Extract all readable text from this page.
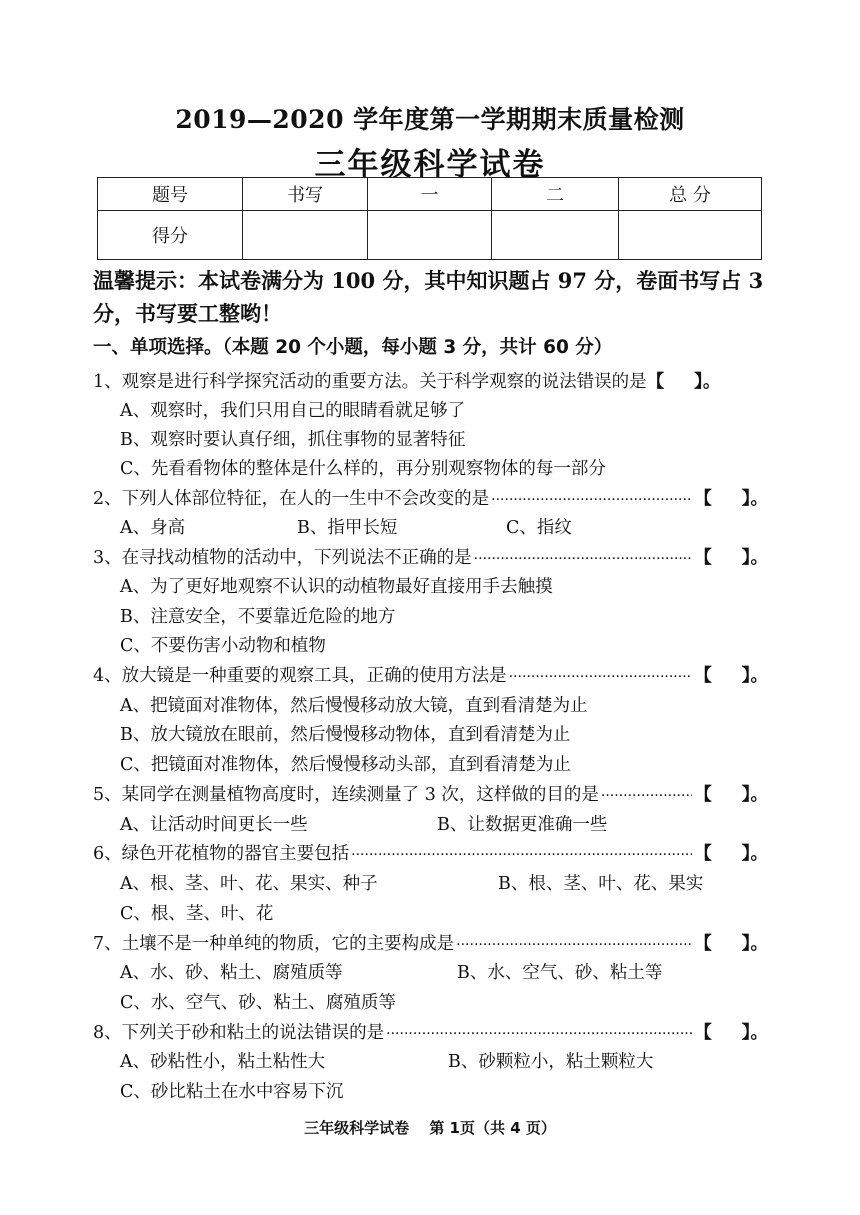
2019—2020 学年度第一学期期末质量检测
三年级科学试卷
题号	书写	一	二	总 分
得分				
温馨提示：本试卷满分为 100 分，其中知识题占 97 分，卷面书写占 3 分，书写要工整哟！
一、单项选择。（本题 20 个小题，每小题 3 分，共计 60 分）
1、观察是进行科学探究活动的重要方法。关于科学观察的说法错误的是 【 】。
A、观察时，我们只用自己的眼睛看就足够了
B、观察时要认真仔细，抓住事物的显著特征
C、先看看物体的整体是什么样的，再分别观察物体的每一部分
2、下列人体部位特征，在人的一生中不会改变的是 ·····	【 】。
A、身高	B、指甲长短	C、指纹
3、在寻找动植物的活动中，下列说法不正确的是 ·····	【 】。
A、为了更好地观察不认识的动植物最好直接用手去触摸
B、注意安全，不要靠近危险的地方
C、不要伤害小动物和植物
4、放大镜是一种重要的观察工具，正确的使用方法是 ·····	【 】。
A、把镜面对准物体，然后慢慢移动放大镜，直到看清楚为止
B、放大镜放在眼前，然后慢慢移动物体，直到看清楚为止
C、把镜面对准物体，然后慢慢移动头部，直到看清楚为止
5、某同学在测量植物高度时，连续测量了 3 次，这样做的目的是 ·····	【 】。
A、让活动时间更长一些	B、让数据更准确一些
6、绿色开花植物的器官主要包括 ·····	【 】。
A、根、茎、叶、花、果实、种子	B、根、茎、叶、花、果实
C、根、茎、叶、花
7、土壤不是一种单纯的物质，它的主要构成是 ·····	【 】。
A、水、砂、粘土、腐殖质等	B、水、空气、砂、粘土等
C、水、空气、砂、粘土、腐殖质等
8、下列关于砂和粘土的说法错误的是 ·····	【 】。
A、砂粘性小，粘土粘性大	B、砂颗粒小，粘土颗粒大
C、砂比粘土在水中容易下沉
三年级科学试卷　 第 1页（共 4 页）
